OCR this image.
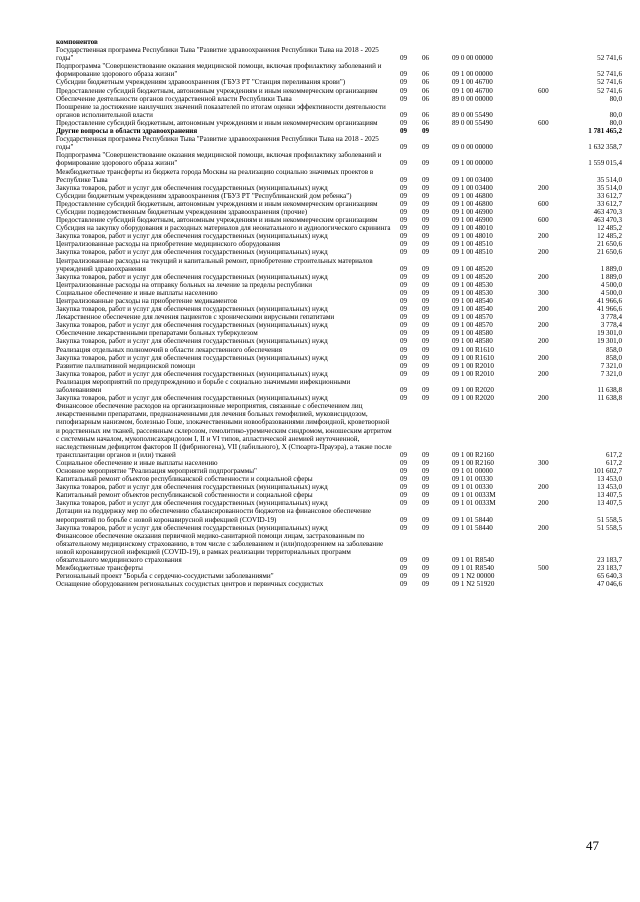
компонентов					
Государственная программа Республики Тыва "Развитие здравоохранения Республики Тыва на 2018 - 2025 годы"	09	06	09 0 00 00000		52 741,6
Подпрограмма "Совершенствование оказания медицинской помощи, включая профилактику заболеваний и формирование здорового образа жизни"	09	06	09 1 00 00000		52 741,6
Субсидии бюджетным учреждениям здравоохранения (ГБУЗ РТ "Станция переливания крови")	09	06	09 1 00 46700		52 741,6
Предоставление субсидий бюджетным, автономным учреждениям и иным некоммерческим организациям	09	06	09 1 00 46700	600	52 741,6
Обеспечение деятельности органов государственной власти Республики Тыва	09	06	89 0 00 00000		80,0
Поощрение за достижение наилучших значений показателей по итогам оценки эффективности деятельности органов исполнительной власти	09	06	89 0 00 55490		80,0
Предоставление субсидий бюджетным, автономным учреждениям и иным некоммерческим организациям	09	06	89 0 00 55490	600	80,0
Другие вопросы в области здравоохранения	09	09			1 781 465,2
Государственная программа Республики Тыва "Развитие здравоохранения Республики Тыва на 2018 - 2025 годы"	09	09	09 0 00 00000		1 632 358,7
Подпрограмма "Совершенствование оказания медицинской помощи, включая профилактику заболеваний и формирование здорового образа жизни"	09	09	09 1 00 00000		1 559 015,4
Межбюджетные трансферты из бюджета города Москвы на реализацию социально значимых проектов в Республике Тыва	09	09	09 1 00 03400		35 514,0
Закупка товаров, работ и услуг для обеспечения государственных (муниципальных) нужд	09	09	09 1 00 03400	200	35 514,0
Субсидии бюджетным учреждениям здравоохранения (ГБУЗ РТ "Республиканский дом ребенка")	09	09	09 1 00 46800		33 612,7
Предоставление субсидий бюджетным, автономным учреждениям и иным некоммерческим организациям	09	09	09 1 00 46800	600	33 612,7
Субсидии подведомственным бюджетным учреждениям здравоохранения (прочие)	09	09	09 1 00 46900		463 470,3
Предоставление субсидий бюджетным, автономным учреждениям и иным некоммерческим организациям	09	09	09 1 00 46900	600	463 470,3
Субсидия на закупку оборудования и расходных материалов для неонатального и аудиологического скрининга	09	09	09 1 00 48010		12 485,2
Закупка товаров, работ и услуг для обеспечения государственных (муниципальных) нужд	09	09	09 1 00 48010	200	12 485,2
Централизованные расходы на приобретение медицинского оборудования	09	09	09 1 00 48510		21 650,6
Закупка товаров, работ и услуг для обеспечения государственных (муниципальных) нужд	09	09	09 1 00 48510	200	21 650,6
Централизованные расходы на текущий и капитальный ремонт, приобретение строительных материалов учреждений здравоохранения	09	09	09 1 00 48520		1 889,0
Закупка товаров, работ и услуг для обеспечения государственных (муниципальных) нужд	09	09	09 1 00 48520	200	1 889,0
Централизованные расходы на отправку больных на лечение за пределы республики	09	09	09 1 00 48530		4 500,0
Социальное обеспечение и иные выплаты населению	09	09	09 1 00 48530	300	4 500,0
Централизованные расходы на приобретение медикаментов	09	09	09 1 00 48540		41 966,6
Закупка товаров, работ и услуг для обеспечения государственных (муниципальных) нужд	09	09	09 1 00 48540	200	41 966,6
Лекарственное обеспечение для лечения пациентов с хроническими вирусными гепатитами	09	09	09 1 00 48570		3 778,4
Закупка товаров, работ и услуг для обеспечения государственных (муниципальных) нужд	09	09	09 1 00 48570	200	3 778,4
Обеспечение лекарственными препаратами больных туберкулезом	09	09	09 1 00 48580		19 301,0
Закупка товаров, работ и услуг для обеспечения государственных (муниципальных) нужд	09	09	09 1 00 48580	200	19 301,0
Реализация отдельных полномочий в области лекарственного обеспечения	09	09	09 1 00 R1610		858,0
Закупка товаров, работ и услуг для обеспечения государственных (муниципальных) нужд	09	09	09 1 00 R1610	200	858,0
Развитие паллиативной медицинской помощи	09	09	09 1 00 R2010		7 321,0
Закупка товаров, работ и услуг для обеспечения государственных (муниципальных) нужд	09	09	09 1 00 R2010	200	7 321,0
Реализация мероприятий по предупреждению и борьбе с социально значимыми инфекционными заболеваниями	09	09	09 1 00 R2020		11 638,8
Закупка товаров, работ и услуг для обеспечения государственных (муниципальных) нужд	09	09	09 1 00 R2020	200	11 638,8
Финансовое обеспечение расходов на организационные мероприятия, связанные с обеспечением лиц лекарственными препаратами, предназначенными для лечения больных гемофилией, муковисцидозом, гипофизарным нанизмом, болезнью Гоше, злокачественными новообразованиями лимфоидной, кроветворной и родственных им тканей, рассеянным склерозом, гемолитико-уремическим синдромом, юношеским артритом с системным началом, мукополисахаридозом I, II и VI типов, апластической анемией неуточненной, наследственным дефицитом факторов II (фибриногена), VII (лабильного), X (Стюарта-Прауэра), а также после трансплантации органов и (или) тканей	09	09	09 1 00 R2160		617,2
Социальное обеспечение и иные выплаты населению	09	09	09 1 00 R2160	300	617,2
Основное мероприятие "Реализация мероприятий подпрограммы"	09	09	09 1 01 00000		101 602,7
Капитальный ремонт объектов республиканской собственности и социальной сферы	09	09	09 1 01 00330		13 453,0
Закупка товаров, работ и услуг для обеспечения государственных (муниципальных) нужд	09	09	09 1 01 00330	200	13 453,0
Капитальный ремонт объектов республиканской собственности и социальной сферы	09	09	09 1 01 0033M		13 407,5
Закупка товаров, работ и услуг для обеспечения государственных (муниципальных) нужд	09	09	09 1 01 0033M	200	13 407,5
Дотации на поддержку мер по обеспечению сбалансированности бюджетов на финансовое обеспечение мероприятий по борьбе с новой коронавирусной инфекцией (COVID-19)	09	09	09 1 01 58440		51 558,5
Закупка товаров, работ и услуг для обеспечения государственных (муниципальных) нужд	09	09	09 1 01 58440	200	51 558,5
Финансовое обеспечение оказания первичной медико-санитарной помощи лицам, застрахованным по обязательному медицинскому страхованию, в том числе с заболеванием и (или)подозрением на заболевание новой коронавирусной инфекцией (COVID-19), в рамках реализации территориальных программ обязательного медицинского страхования	09	09	09 1 01 R8540		23 183,7
Межбюджетные трансферты	09	09	09 1 01 R8540	500	23 183,7
Региональный проект "Борьба с сердечно-сосудистыми заболеваниями"	09	09	09 1 N2 00000		65 640,3
Оснащение оборудованием региональных сосудистых центров и первичных сосудистых	09	09	09 1 N2 51920		47 046,6
47
